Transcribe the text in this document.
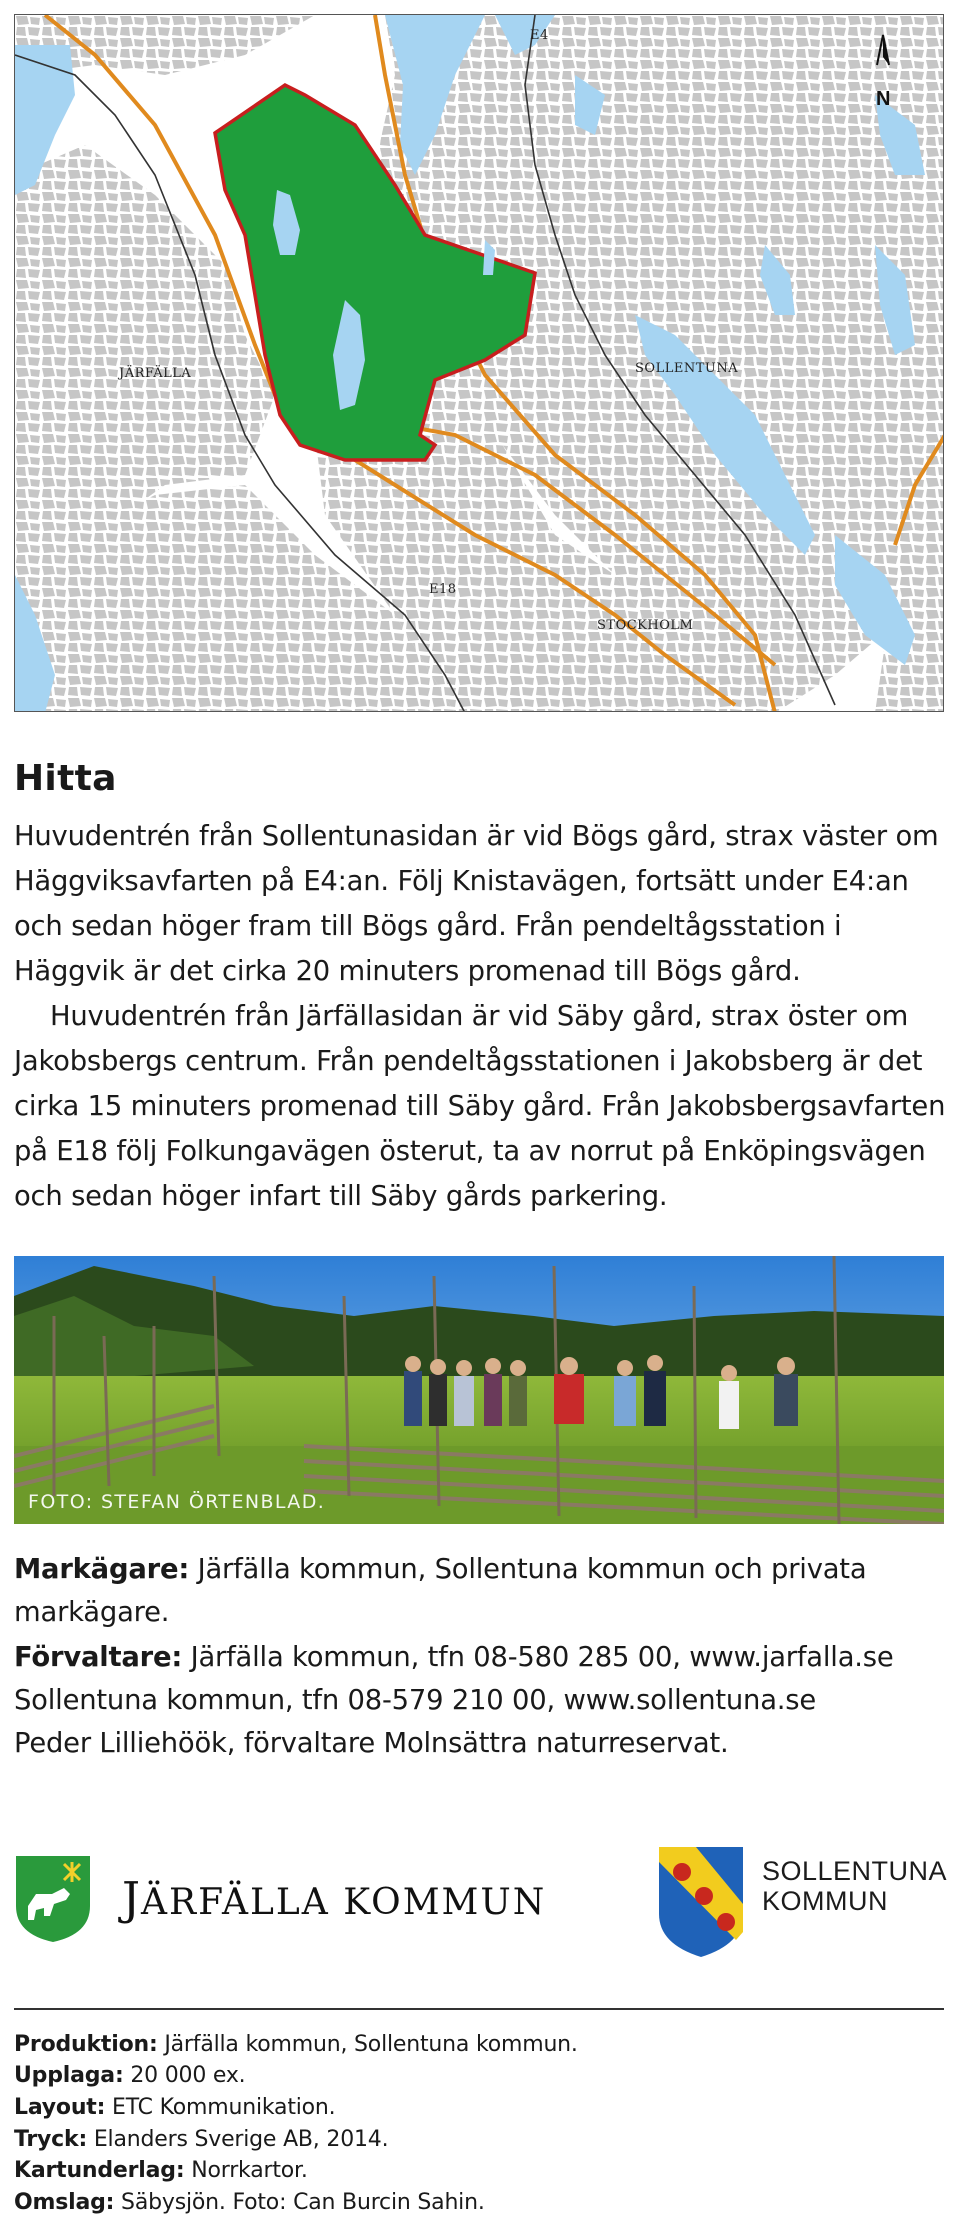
N
E4
JÄRFÄLLA	SOLLENTUNA
E18
STOCKHOLM
Hitta
Huvudentrén från Sollentunasidan är vid Bögs gård, strax väster om Häggviksavfarten på E4:an. Följ Knistavägen, fortsätt under E4:an och sedan höger fram till Bögs gård. Från pendeltågsstation i Häggvik är det cirka 20 minuters promenad till Bögs gård.
Huvudentrén från Järfällasidan är vid Säby gård, strax öster om Jakobsbergs centrum. Från pendeltågsstationen i Jakobsberg är det cirka 15 minuters promenad till Säby gård. Från Jakobsbergsavfarten på E18 följ Folkungavägen österut, ta av norrut på Enköpingsvägen och sedan höger infart till Säby gårds parkering.
FOTO: STEFAN ÖRTENBLAD.
Markägare: Järfälla kommun, Sollentuna kommun och privata markägare.
Förvaltare: Järfälla kommun, tfn 08-580 285 00, www.jarfalla.se
Sollentuna kommun, tfn 08-579 210 00, www.sollentuna.se
Peder Lilliehöök, förvaltare Molnsättra naturreservat.
JÄRFÄLLA KOMMUN
SOLLENTUNA
KOMMUN
Produktion: Järfälla kommun, Sollentuna kommun.
Upplaga: 20 000 ex.
Layout: ETC Kommunikation.
Tryck: Elanders Sverige AB, 2014.
Kartunderlag: Norrkartor.
Omslag: Säbysjön. Foto: Can Burcin Sahin.
